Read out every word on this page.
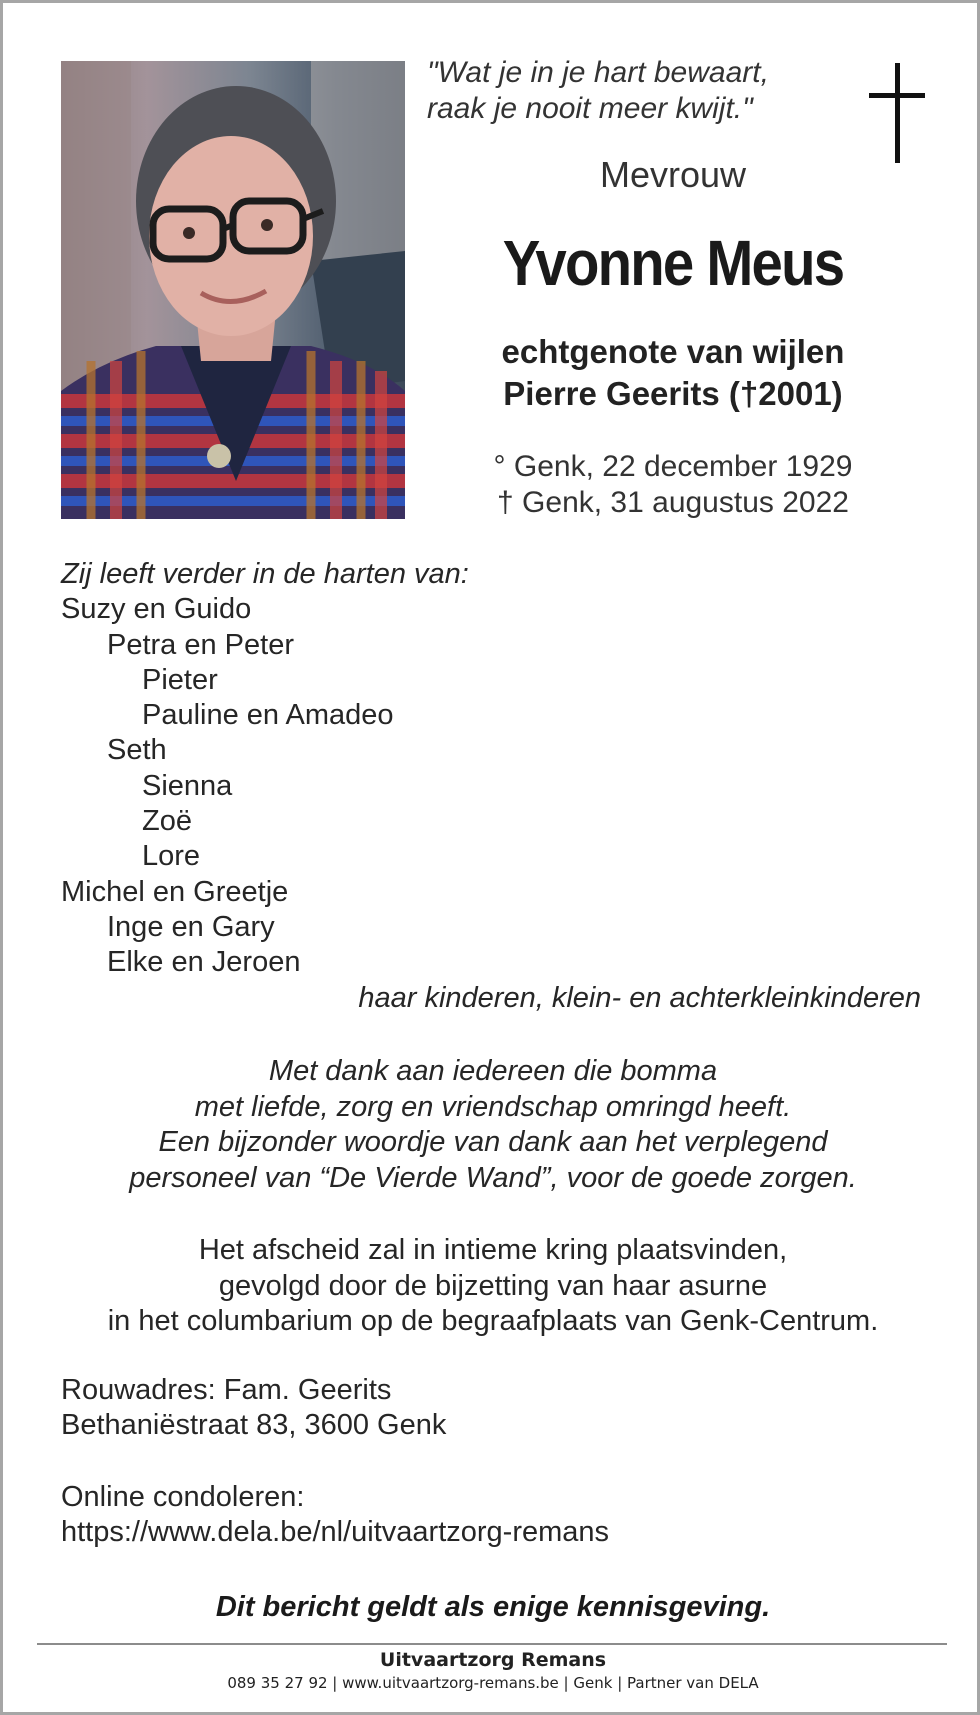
"Wat je in je hart bewaart,
raak je nooit meer kwijt."
Mevrouw
Yvonne Meus
echtgenote van wijlen
Pierre Geerits (†2001)
° Genk, 22 december 1929
† Genk, 31 augustus 2022
Zij leeft verder in de harten van:
Suzy en Guido
Petra en Peter
Pieter
Pauline en Amadeo
Seth
Sienna
Zoë
Lore
Michel en Greetje
Inge en Gary
Elke en Jeroen
haar kinderen, klein- en achterkleinkinderen
Met dank aan iedereen die bomma
met liefde, zorg en vriendschap omringd heeft.
Een bijzonder woordje van dank aan het verplegend
personeel van “De Vierde Wand”, voor de goede zorgen.
Het afscheid zal in intieme kring plaatsvinden,
gevolgd door de bijzetting van haar asurne
in het columbarium op de begraafplaats van Genk-Centrum.
Rouwadres: Fam. Geerits
Bethaniëstraat 83, 3600 Genk
Online condoleren:
https://www.dela.be/nl/uitvaartzorg-remans
Dit bericht geldt als enige kennisgeving.
Uitvaartzorg Remans
089 35 27 92 | www.uitvaartzorg-remans.be | Genk | Partner van DELA
